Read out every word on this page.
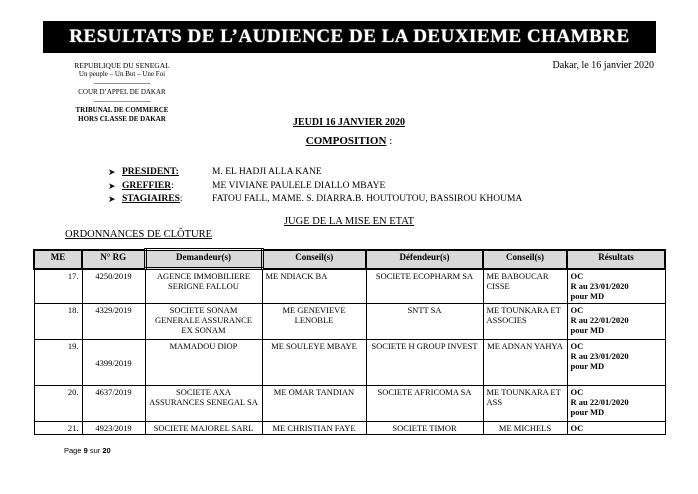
RESULTATS DE L’AUDIENCE DE LA DEUXIEME CHAMBRE
REPUBLIQUE DU SENEGAL
Un peuple – Un But – Une Foi
-------------------------------
COUR D’APPEL DE DAKAR
-------------------------------
TRIBUNAL DE COMMERCE
HORS CLASSE DE DAKAR
Dakar, le 16 janvier 2020
JEUDI 16 JANVIER 2020
COMPOSITION :
➤ PRESIDENT:	M. EL HADJI ALLA KANE
➤ GREFFIER:	ME VIVIANE PAULELE DIALLO MBAYE
➤ STAGIAIRES:	FATOU FALL, MAME. S. DIARRA.B. HOUTOUTOU, BASSIROU KHOUMA
JUGE DE LA MISE EN ETAT
ORDONNANCES DE CLÔTURE
ME	N° RG	Demandeur(s)	Conseil(s)	Défendeur(s)	Conseil(s)	Résultats
17.	4250/2019	AGENCE IMMOBILIERE SERIGNE FALLOU	ME NDIACK BA	SOCIETE ECOPHARM SA	ME BABOUCAR CISSE	OC
R au 23/01/2020
pour MD

18.	4329/2019	SOCIETE SONAM GENERALE ASSURANCE EX SONAM	ME GENEVIEVE LENOBLE	SNTT SA	ME TOUNKARA ET ASSOCIES	OC
R au 22/01/2020
pour MD

19.	4399/2019	MAMADOU DIOP	ME SOULEYE MBAYE	SOCIETE H GROUP INVEST	ME ADNAN YAHYA	OC
R au 23/01/2020
pour MD

20.	4637/2019	SOCIETE AXA ASSURANCES SENEGAL SA	ME OMAR TANDIAN	SOCIETE AFRICOMA SA	ME TOUNKARA ET ASS	OC
R au 22/01/2020
pour MD

21.	4923/2019	SOCIETE MAJOREL SARL	ME CHRISTIAN FAYE	SOCIETE TIMOR	ME MICHELS	OC
Page 9 sur 20
